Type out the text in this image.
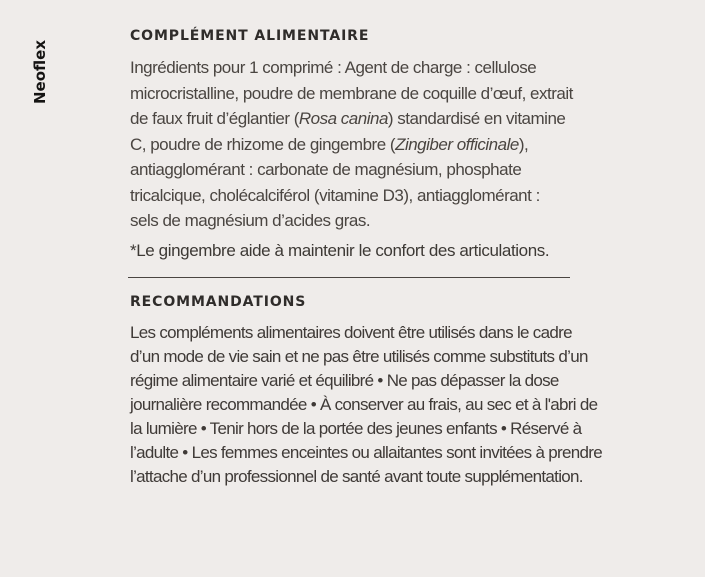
Neoflex
COMPLÉMENT ALIMENTAIRE
Ingrédients pour 1 comprimé : Agent de charge : cellulose
microcristalline, poudre de membrane de coquille d’œuf, extrait
de faux fruit d’églantier (Rosa canina) standardisé en vitamine
C, poudre de rhizome de gingembre (Zingiber officinale),
antiagglomérant : carbonate de magnésium, phosphate
tricalcique, cholécalciférol (vitamine D3), antiagglomérant :
sels de magnésium d’acides gras.
*Le gingembre aide à maintenir le confort des articulations.
RECOMMANDATIONS
Les compléments alimentaires doivent être utilisés dans le cadre
d’un mode de vie sain et ne pas être utilisés comme substituts d’un
régime alimentaire varié et équilibré • Ne pas dépasser la dose
journalière recommandée • À conserver au frais, au sec et à l'abri de
la lumière • Tenir hors de la portée des jeunes enfants • Réservé à
l’adulte • Les femmes enceintes ou allaitantes sont invitées à prendre
l’attache d’un professionnel de santé avant toute supplémentation.
